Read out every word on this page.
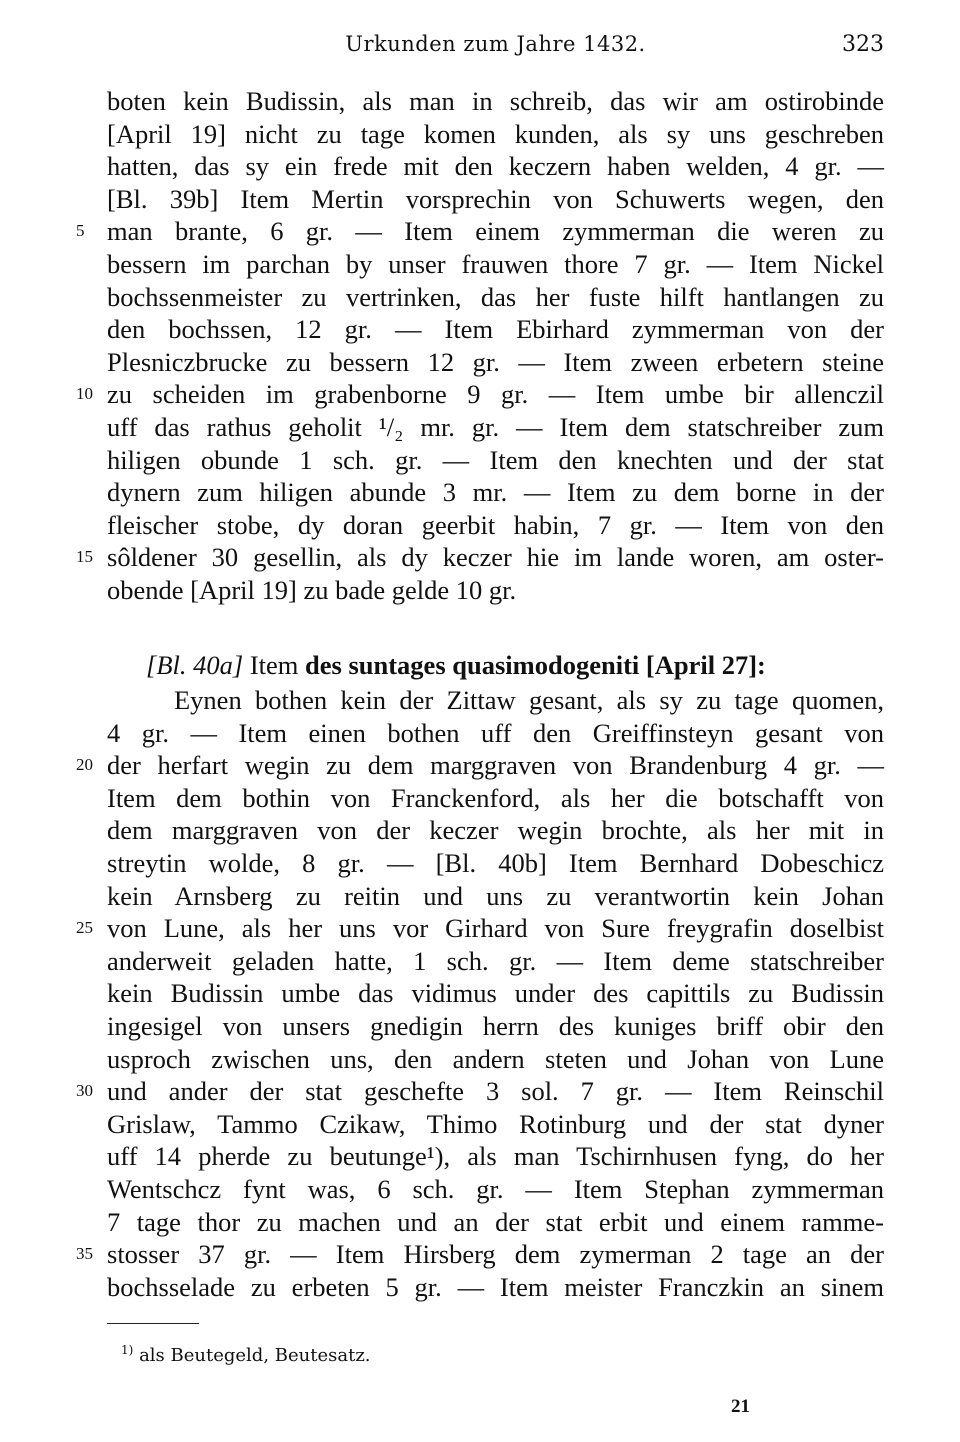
Urkunden zum Jahre 1432.	323
boten kein Budissin, als man in schreib, das wir am ostirobinde
[April 19] nicht zu tage komen kunden, als sy uns geschreben
hatten, das sy ein frede mit den keczern haben welden, 4 gr. —
[Bl. 39b] Item Mertin vorsprechin von Schuwerts wegen, den
man brante, 6 gr. — Item einem zymmerman die weren zu
5
bessern im parchan by unser frauwen thore 7 gr. — Item Nickel
bochssenmeister zu vertrinken, das her fuste hilft hantlangen zu
den bochssen, 12 gr. — Item Ebirhard zymmerman von der
Plesniczbrucke zu bessern 12 gr. — Item zween erbetern steine
zu scheiden im grabenborne 9 gr. — Item umbe bir allenczil
10
uff das rathus geholit ¹/₂ mr. gr. — Item dem statschreiber zum
hiligen obunde 1 sch. gr. — Item den knechten und der stat
dynern zum hiligen abunde 3 mr. — Item zu dem borne in der
fleischer stobe, dy doran geerbit habin, 7 gr. — Item von den
sôldener 30 gesellin, als dy keczer hie im lande woren, am oster-
15
obende [April 19] zu bade gelde 10 gr.
[Bl. 40a] Item des suntages quasimodogeniti [April 27]:
Eynen bothen kein der Zittaw gesant, als sy zu tage quomen,
4 gr. — Item einen bothen uff den Greiffinsteyn gesant von
der herfart wegin zu dem marggraven von Brandenburg 4 gr. —
20
Item dem bothin von Franckenford, als her die botschafft von
dem marggraven von der keczer wegin brochte, als her mit in
streytin wolde, 8 gr. — [Bl. 40b] Item Bernhard Dobeschicz
kein Arnsberg zu reitin und uns zu verantwortin kein Johan
von Lune, als her uns vor Girhard von Sure freygrafin doselbist
25
anderweit geladen hatte, 1 sch. gr. — Item deme statschreiber
kein Budissin umbe das vidimus under des capittils zu Budissin
ingesigel von unsers gnedigin herrn des kuniges briff obir den
usproch zwischen uns, den andern steten und Johan von Lune
und ander der stat geschefte 3 sol. 7 gr. — Item Reinschil
30
Grislaw, Tammo Czikaw, Thimo Rotinburg und der stat dyner
uff 14 pherde zu beutunge¹), als man Tschirnhusen fyng, do her
Wentschcz fynt was, 6 sch. gr. — Item Stephan zymmerman
7 tage thor zu machen und an der stat erbit und einem ramme-
stosser 37 gr. — Item Hirsberg dem zymerman 2 tage an der
35
bochsselade zu erbeten 5 gr. — Item meister Franczkin an sinem
$^{1)}$ als Beutegeld, Beutesatz.
21
